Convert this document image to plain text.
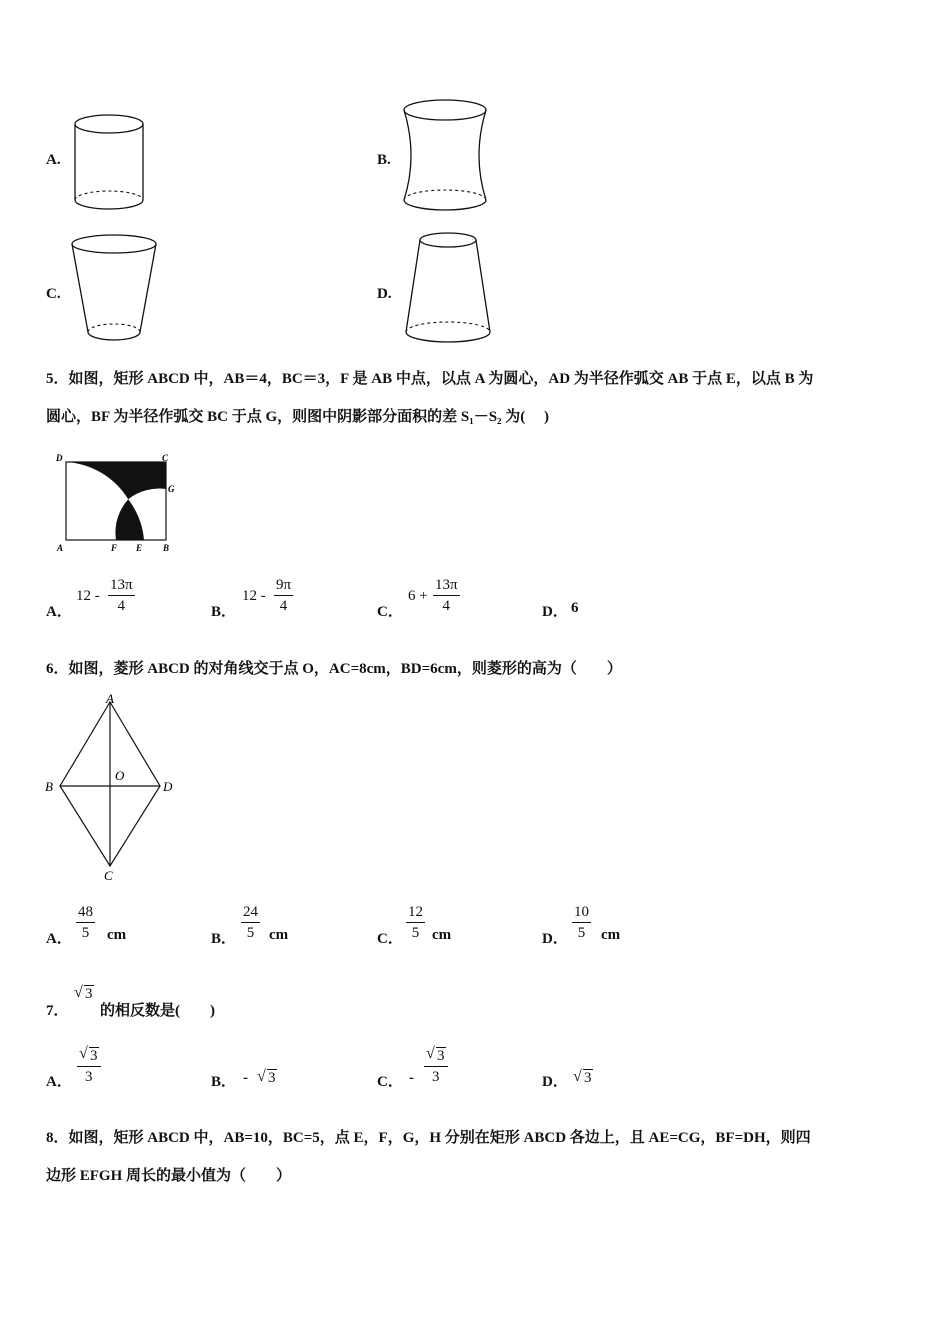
A.	B.
C.	D.
5．如图，矩形 ABCD 中，AB＝4，BC＝3，F 是 AB 中点，以点 A 为圆心，AD 为半径作弧交 AB 于点 E，以点 B 为
圆心，BF 为半径作弧交 BC 于点 G，则图中阴影部分面积的差 S₁－S₂ 为(　 )
D	C
G
A	F E B
A．
$12 - \frac{13\pi}{4}$	B．
$12 - \frac{9\pi}{4}$	C．
$6 + \frac{13\pi}{4}$	D． 6
6．如图，菱形 ABCD 的对角线交于点 O，AC=8cm，BD=6cm，则菱形的高为（　　）
A
B
O
D
C
A． $\frac{48}{5}$ cm	B． $\frac{24}{5}$ cm	C． $\frac{12}{5}$ cm	D． $\frac{10}{5}$ cm
7．
√ 3
的相反数是(　　)
A． $\frac{√ 3}{3}$	B． - √ 3	C． - $\frac{√ 3}{3}$	D． √ 3
8．如图，矩形 ABCD 中，AB=10，BC=5，点 E，F，G，H 分别在矩形 ABCD 各边上，且 AE=CG，BF=DH，则四
边形 EFGH 周长的最小值为（　　）
